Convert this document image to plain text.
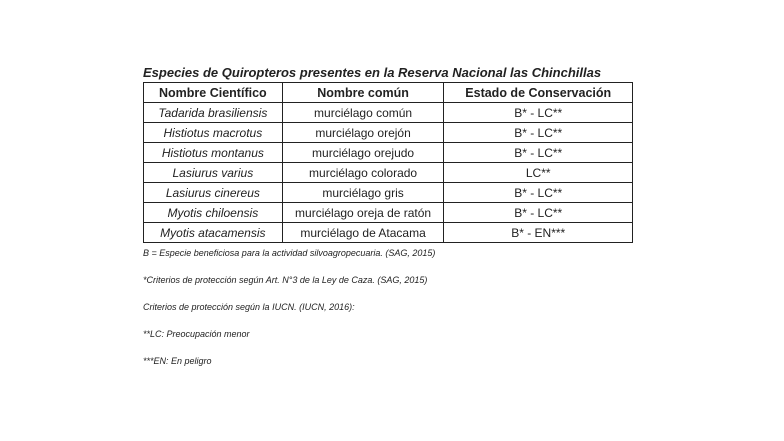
Especies de Quiropteros presentes en la Reserva Nacional las Chinchillas
Nombre Científico	Nombre común	Estado de Conservación
Tadarida brasiliensis	murciélago común	B* - LC**
Histiotus macrotus	murciélago orejón	B* - LC**
Histiotus montanus	murciélago orejudo	B* - LC**
Lasiurus varius	murciélago colorado	LC**
Lasiurus cinereus	murciélago gris	B* - LC**
Myotis chiloensis	murciélago oreja de ratón	B* - LC**
Myotis atacamensis	murciélago de Atacama	B* - EN***
B = Especie beneficiosa para la actividad silvoagropecuaria. (SAG, 2015)
*Criterios de protección según Art. N°3 de la Ley de Caza. (SAG, 2015)
Criterios de protección según la IUCN. (IUCN, 2016):
**LC: Preocupación menor
***EN: En peligro
